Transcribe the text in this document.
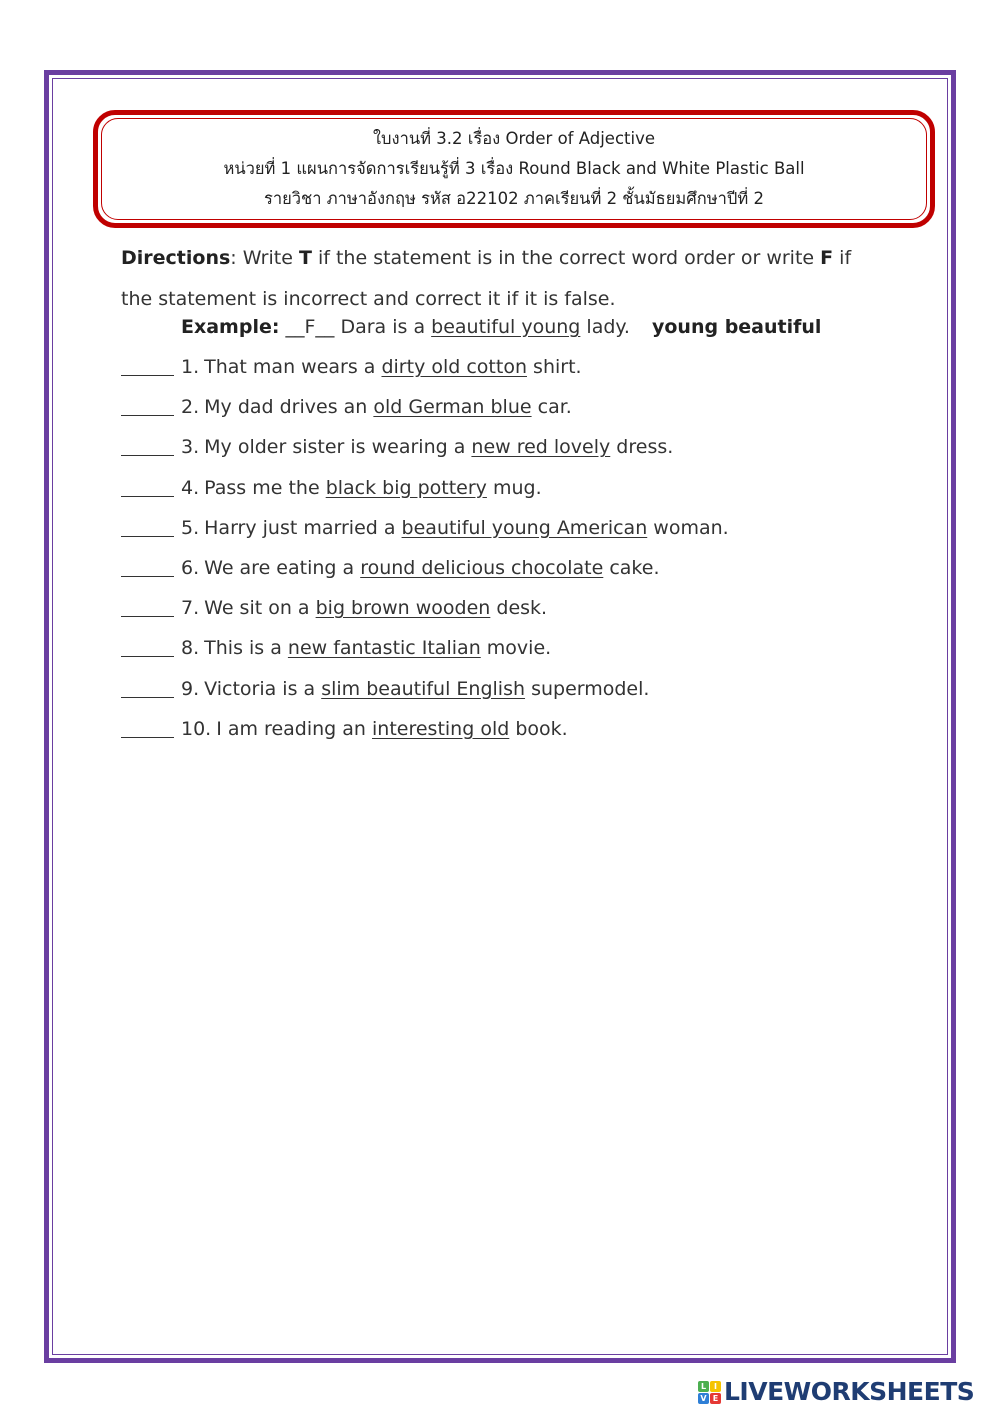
ใบงานที่ 3.2 เรื่อง Order of Adjective
หน่วยที่ 1 แผนการจัดการเรียนรู้ที่ 3 เรื่อง Round Black and White Plastic Ball
รายวิชา ภาษาอังกฤษ รหัส อ22102 ภาคเรียนที่ 2 ชั้นมัธยมศึกษาปีที่ 2
Directions: Write T if the statement is in the correct word order or write F if the statement is incorrect and correct it if it is false.
Example: __F__ Dara is a beautiful young lady. young beautiful
1. That man wears a dirty old cotton shirt.
2. My dad drives an old German blue car.
3. My older sister is wearing a new red lovely dress.
4. Pass me the black big pottery mug.
5. Harry just married a beautiful young American woman.
6. We are eating a round delicious chocolate cake.
7. We sit on a big brown wooden desk.
8. This is a new fantastic Italian movie.
9. Victoria is a slim beautiful English supermodel.
10. I am reading an interesting old book.
L I
V E LIVEWORKSHEETS
